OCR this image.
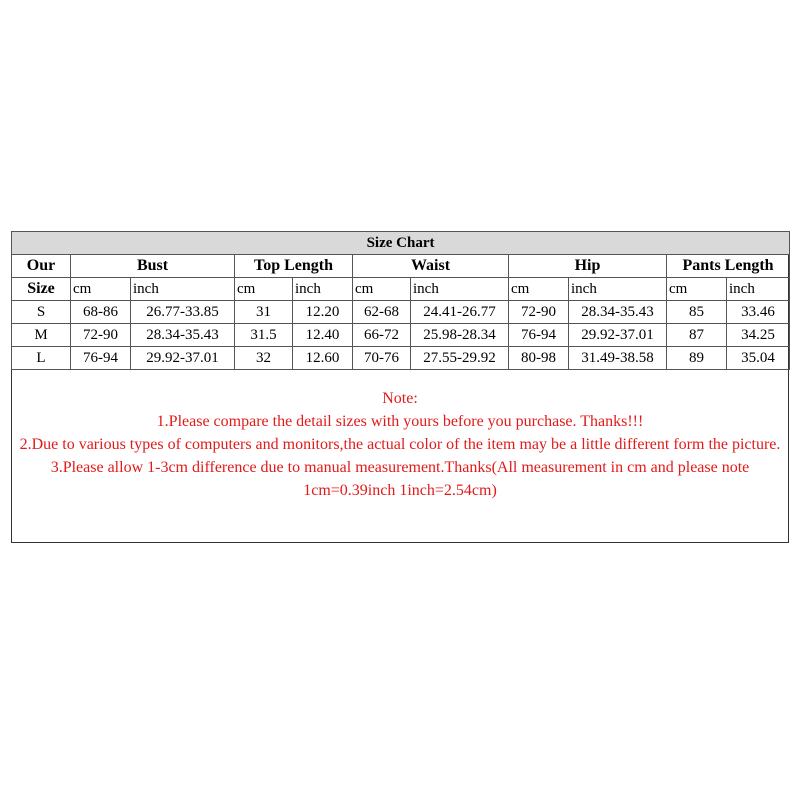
Size Chart										
Our	Bust		Top Length		Waist		Hip		Pants Length	
Size	cm	inch	cm	inch	cm	inch	cm	inch	cm	inch
S	68-86	26.77-33.85	31	12.20	62-68	24.41-26.77	72-90	28.34-35.43	85	33.46
M	72-90	28.34-35.43	31.5	12.40	66-72	25.98-28.34	76-94	29.92-37.01	87	34.25
L	76-94	29.92-37.01	32	12.60	70-76	27.55-29.92	80-98	31.49-38.58	89	35.04
Note:
1.Please compare the detail sizes with yours before you purchase. Thanks!!!
2.Due to various types of computers and monitors,the actual color of the item may be a little different form the picture.
3.Please allow 1-3cm difference due to manual measurement.Thanks(All measurement in cm and please note 1cm=0.39inch 1inch=2.54cm)
